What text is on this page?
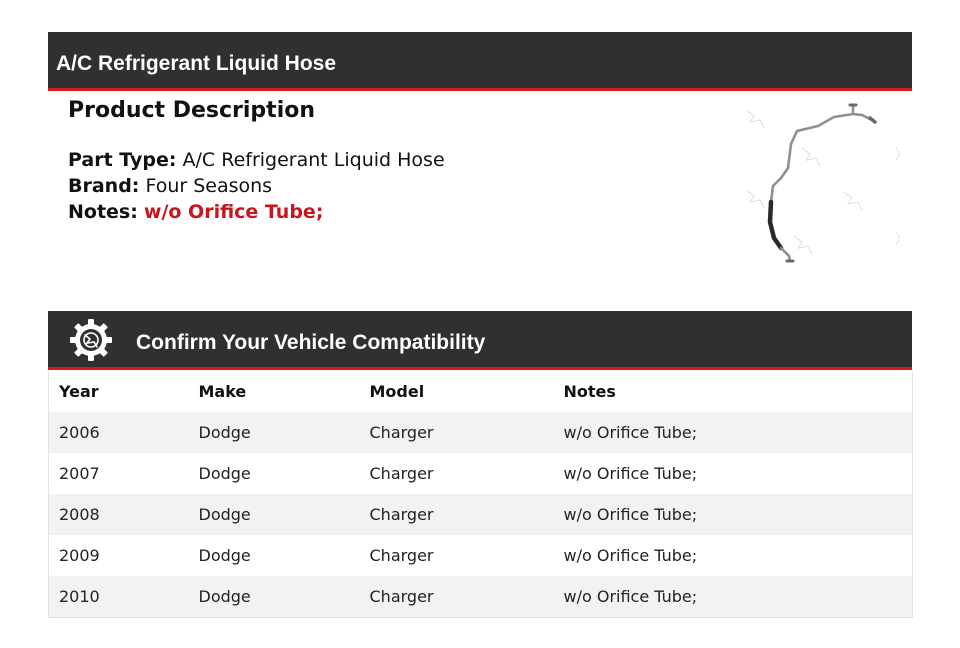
A/C Refrigerant Liquid Hose
Product Description
Part Type: A/C Refrigerant Liquid Hose
Brand: Four Seasons
Notes: w/o Orifice Tube;
Confirm Your Vehicle Compatibility
Year	Make	Model	Notes
2006	Dodge	Charger	w/o Orifice Tube;
2007	Dodge	Charger	w/o Orifice Tube;
2008	Dodge	Charger	w/o Orifice Tube;
2009	Dodge	Charger	w/o Orifice Tube;
2010	Dodge	Charger	w/o Orifice Tube;
